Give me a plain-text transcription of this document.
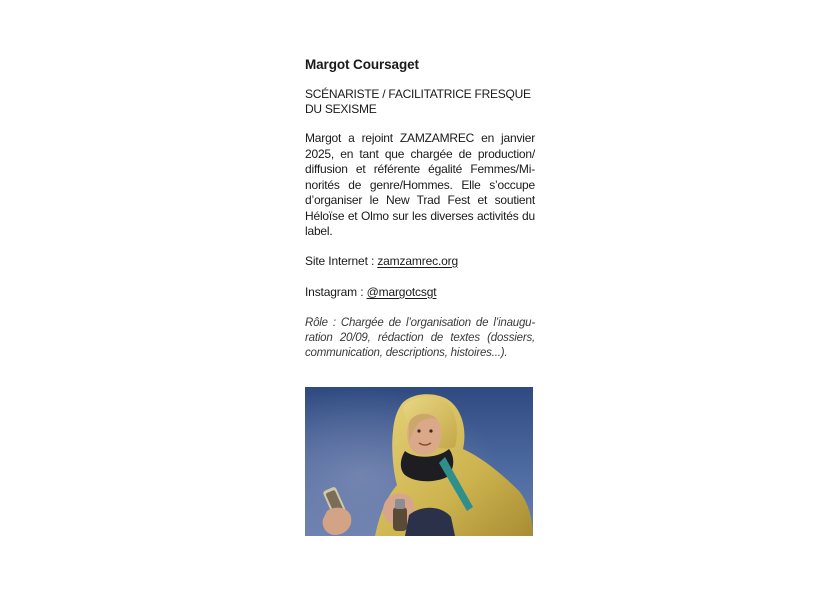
Margot Coursaget
SCÉNARISTE / FACILITATRICE FRESQUE DU SEXISME
Margot a rejoint ZAMZAMREC en janvier 2025, en tant que chargée de production/ diffusion et référente égalité Femmes/Mi- norités de genre/Hommes. Elle s’occupe d’organiser le New Trad Fest et soutient Héloïse et Olmo sur les diverses activités du label.
Site Internet : zamzamrec.org
Instagram : @margotcsgt
Rôle : Chargée de l’organisation de l’inaugu- ration 20/09, rédaction de textes (dossiers, communication, descriptions, histoires...).
